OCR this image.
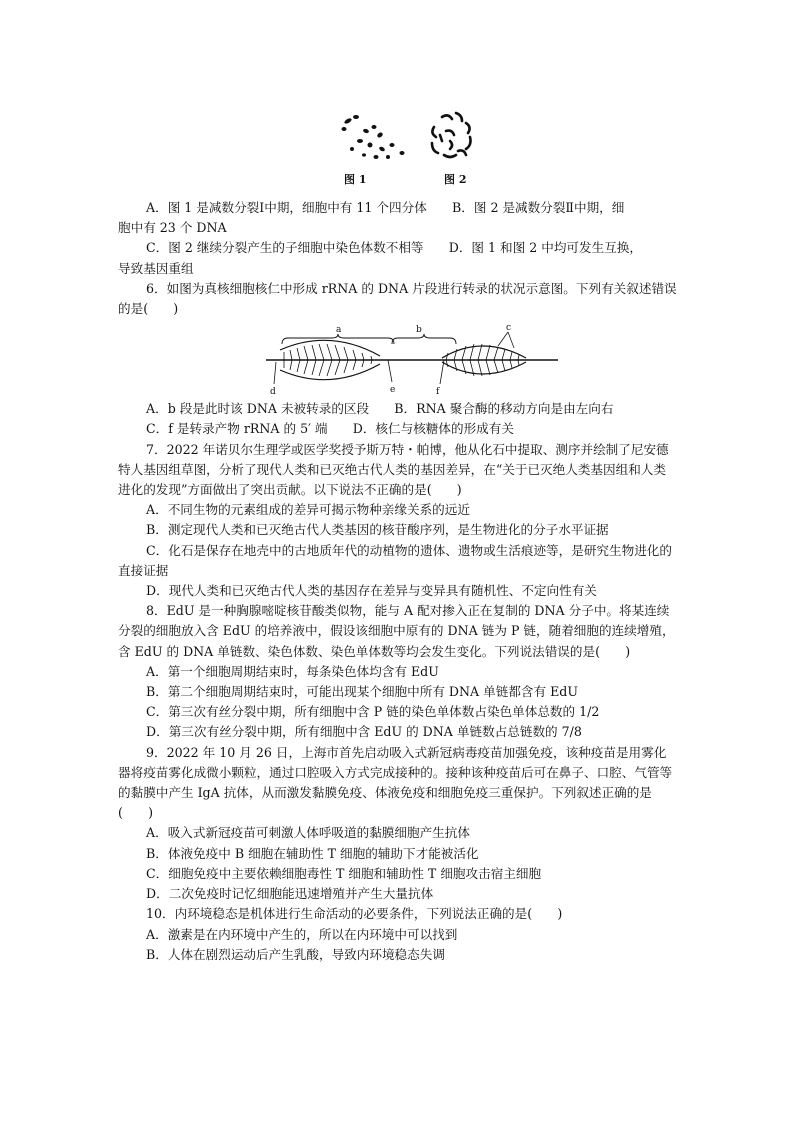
图 1	图 2
a	b	c
d	e	f

A．图 1 是减数分裂Ⅰ中期，细胞中有 11 个四分体　　B．图 2 是减数分裂Ⅱ中期，细

胞中有 23 个 DNA

C．图 2 继续分裂产生的子细胞中染色体数不相等　　D．图 1 和图 2 中均可发生互换，

导致基因重组

6．如图为真核细胞核仁中形成 rRNA 的 DNA 片段进行转录的状况示意图。下列有关叙述错误的是(　　)

A．b 段是此时该 DNA 未被转录的区段　　B．RNA 聚合酶的移动方向是由左向右

C．f 是转录产物 rRNA 的 5′ 端　　D．核仁与核糖体的形成有关

7．2022 年诺贝尔生理学或医学奖授予斯万特・帕博，他从化石中提取、测序并绘制了尼安德特人基因组草图，分析了现代人类和已灭绝古代人类的基因差异，在“关于已灭绝人类基因组和人类进化的发现”方面做出了突出贡献。以下说法不正确的是(　　)

A．不同生物的元素组成的差异可揭示物种亲缘关系的远近

B．测定现代人类和已灭绝古代人类基因的核苷酸序列，是生物进化的分子水平证据

C．化石是保存在地壳中的古地质年代的动植物的遗体、遗物或生活痕迹等，是研究生物进化的直接证据

D．现代人类和已灭绝古代人类的基因存在差异与变异具有随机性、不定向性有关

8．EdU 是一种胸腺嘧啶核苷酸类似物，能与 A 配对掺入正在复制的 DNA 分子中。将某连续分裂的细胞放入含 EdU 的培养液中，假设该细胞中原有的 DNA 链为 P 链，随着细胞的连续增殖，含 EdU 的 DNA 单链数、染色体数、染色单体数等均会发生变化。下列说法错误的是(　　)

A．第一个细胞周期结束时，每条染色体均含有 EdU

B．第二个细胞周期结束时，可能出现某个细胞中所有 DNA 单链都含有 EdU

C．第三次有丝分裂中期，所有细胞中含 P 链的染色单体数占染色单体总数的 1/2

D．第三次有丝分裂中期，所有细胞中含 EdU 的 DNA 单链数占总链数的 7/8

9．2022 年 10 月 26 日，上海市首先启动吸入式新冠病毒疫苗加强免疫，该种疫苗是用雾化器将疫苗雾化成微小颗粒，通过口腔吸入方式完成接种的。接种该种疫苗后可在鼻子、口腔、气管等的黏膜中产生 IgA 抗体，从而激发黏膜免疫、体液免疫和细胞免疫三重保护。下列叙述正确的是(　　)

A．吸入式新冠疫苗可刺激人体呼吸道的黏膜细胞产生抗体

B．体液免疫中 B 细胞在辅助性 T 细胞的辅助下才能被活化

C．细胞免疫中主要依赖细胞毒性 T 细胞和辅助性 T 细胞攻击宿主细胞

D．二次免疫时记忆细胞能迅速增殖并产生大量抗体

10．内环境稳态是机体进行生命活动的必要条件，下列说法正确的是(　　)

A．激素是在内环境中产生的，所以在内环境中可以找到

B．人体在剧烈运动后产生乳酸，导致内环境稳态失调
